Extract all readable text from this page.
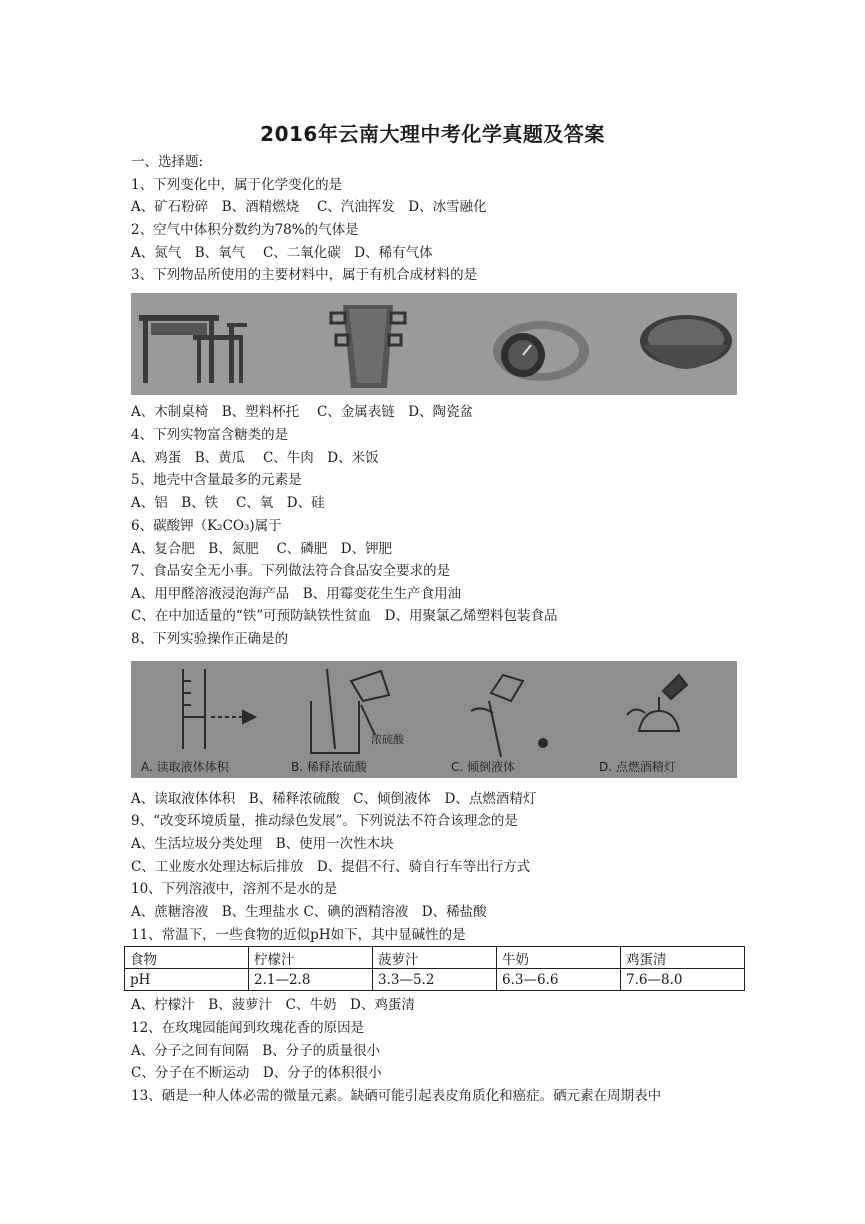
2016年云南大理中考化学真题及答案
一、选择题:
1、下列变化中，属于化学变化的是
A、矿石粉碎　B、酒精燃烧　 C、汽油挥发　D、冰雪融化
2、空气中体积分数约为78%的气体是
A、氮气　B、氧气　 C、二氧化碳　D、稀有气体
3、下列物品所使用的主要材料中，属于有机合成材料的是
A、木制桌椅　B、塑料杯托　 C、金属表链　D、陶瓷盆
4、下列实物富含糖类的是
A、鸡蛋　B、黄瓜　 C、牛肉　D、米饭
5、地壳中含量最多的元素是
A、铝　B、铁　 C、氧　D、硅
6、碳酸钾（K₂CO₃)属于
A、复合肥　B、氮肥　 C、磷肥　D、钾肥
7、食品安全无小事。下列做法符合食品安全要求的是
A、用甲醛溶液浸泡海产品　B、用霉变花生生产食用油
C、在中加适量的“铁”可预防缺铁性贫血　D、用聚氯乙烯塑料包装食品
8、下列实验操作正确是的
浓硫酸
A. 读取液体体积	B. 稀释浓硫酸	C. 倾倒液体	D. 点燃酒精灯
A、读取液体体积　B、稀释浓硫酸　C、倾倒液体　D、点燃酒精灯
9、“改变环境质量，推动绿色发展”。下列说法不符合该理念的是
A、生活垃圾分类处理　B、使用一次性木块
C、工业废水处理达标后排放　D、提倡不行、骑自行车等出行方式
10、下列溶液中，溶剂不是水的是
A、蔗糖溶液　B、生理盐水 C、碘的酒精溶液　D、稀盐酸
11、常温下，一些食物的近似pH如下，其中显碱性的是
食物	柠檬汁	菠萝汁	牛奶	鸡蛋清
pH	2.1—2.8	3.3—5.2	6.3—6.6	7.6—8.0
A、柠檬汁　B、菠萝汁　C、牛奶　D、鸡蛋清
12、在玫瑰园能闻到玫瑰花香的原因是
A、分子之间有间隔　B、分子的质量很小
C、分子在不断运动　D、分子的体积很小
13、硒是一种人体必需的微量元素。缺硒可能引起表皮角质化和癌症。硒元素在周期表中
